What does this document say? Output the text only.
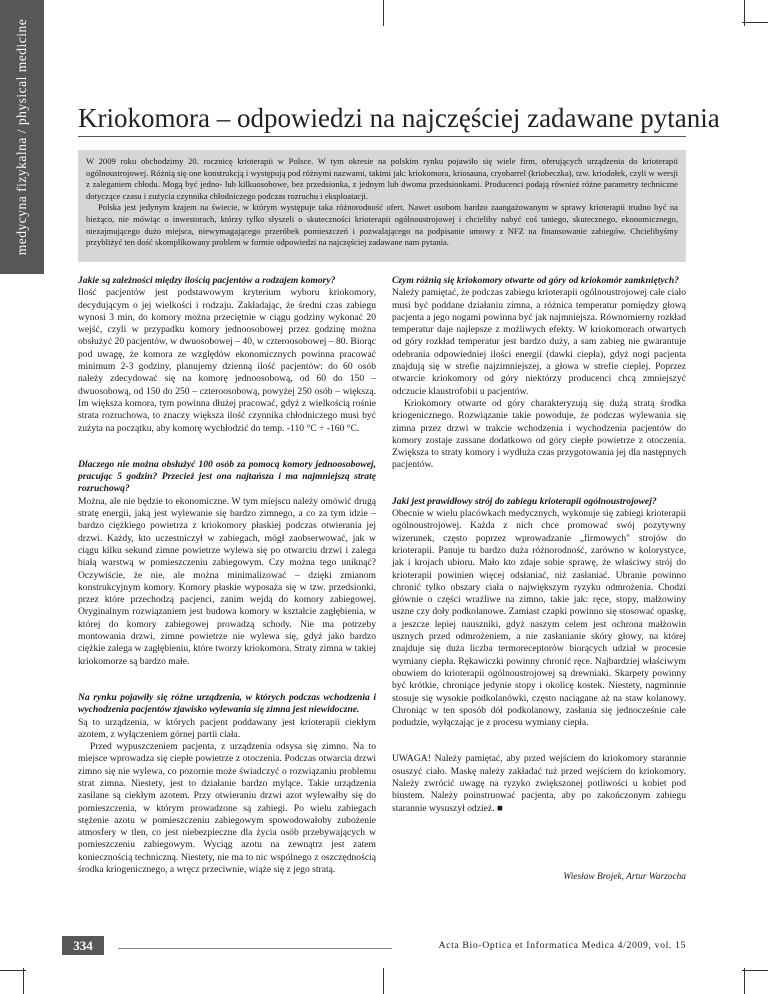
medycyna fizykalna / physical medicine Kriokomora – odpowiedzi na najczęściej zadawane pytania

W 2009 roku obchodzimy 20. rocznicę krioterapii w Polsce. W tym okresie na polskim rynku pojawiło się wiele firm, oferujących urządzenia do krioterapii ogólnoustrojowej. Różnią się one konstrukcją i występują pod różnymi nazwami, takimi jak: kriokomora, kriosauna, cryobarrel (kriobeczka), tzw. kriodołek, czyli w wersji z zaleganiem chłodu. Mogą być jedno- lub kilkuosobowe, bez przedsionka, z jednym lub dwoma przedsionkami. Producenci podają również różne parametry techniczne dotyczące czasu i zużycia czynnika chłodniczego podczas rozruchu i eksploatacji.

Polska jest jedynym krajem na świecie, w którym występuje taka różnorodność ofert. Nawet osobom bardzo zaangażowanym w sprawy krioterapii trudno być na bieżąco, nie mówiąc o inwestorach, którzy tylko słyszeli o skuteczności krioterapii ogólnoustrojowej i chcieliby nabyć coś taniego, skutecznego, ekonomicznego, niezajmującego dużo miejsca, niewymagającego przeróbek pomieszczeń i pozwalającego na podpisanie umowy z NFZ na finansowanie zabiegów. Chcielibyśmy przybliżyć ten dość skomplikowany problem w formie odpowiedzi na najczęściej zadawane nam pytania.

Jakie są zależności między ilością pacjentów a rodzajem komory?

Ilość pacjentów jest podstawowym kryterium wyboru kriokomory, decydującym o jej wielkości i rodzaju. Zakładając, że średni czas zabiegu wynosi 3 min, do komory można przeciętnie w ciągu godziny wykonać 20 wejść, czyli w przypadku komory jednoosobowej przez godzinę można obsłużyć 20 pacjentów, w dwuosobowej – 40, w czteroosobowej – 80. Biorąc pod uwagę, że komora ze względów ekonomicznych powinna pracować minimum 2-3 godziny, planujemy dzienną ilość pacjentów: do 60 osób należy zdecydować się na komorę jednoosobową, od 60 do 150 – dwuosobową, od 150 do 250 – czteroosobową, powyżej 250 osób – większą. Im większa komora, tym powinna dłużej pracować, gdyż z wielkością rośnie strata rozruchowa, to znaczy większa ilość czynnika chłodniczego musi być zużyta na początku, aby komorę wychłodzić do temp. -110 °C ÷ -160 °C.

Dlaczego nie można obsłużyć 100 osób za pomocą komory jednoosobowej, pracując 5 godzin? Przecież jest ona najtańsza i ma najmniejszą stratę rozruchową?

Można, ale nie będzie to ekonomiczne. W tym miejscu należy omówić drugą stratę energii, jaką jest wylewanie się bardzo zimnego, a co za tym idzie – bardzo ciężkiego powietrza z kriokomory płaskiej podczas otwierania jej drzwi. Każdy, kto uczestniczył w zabiegach, mógł zaobserwować, jak w ciągu kilku sekund zimne powietrze wylewa się po otwarciu drzwi i zalega białą warstwą w pomieszczeniu zabiegowym. Czy można tego uniknąć? Oczywiście, że nie, ale można minimalizować – dzięki zmianom konstrukcyjnym komory. Komory płaskie wyposaża się w tzw. przedsionki, przez które przechodzą pacjenci, zanim wejdą do komory zabiegowej. Oryginalnym rozwiązaniem jest budowa komory w kształcie zagłębienia, w której do komory zabiegowej prowadzą schody. Nie ma potrzeby montowania drzwi, zimne powietrze nie wylewa się, gdyż jako bardzo ciężkie zalega w zagłębieniu, które tworzy kriokomora. Straty zimna w takiej kriokomorze są bardzo małe.

Na rynku pojawiły się różne urządzenia, w których podczas wchodzenia i wychodzenia pacjentów zjawisko wylewania się zimna jest niewidoczne.

Są to urządzenia, w których pacjent poddawany jest krioterapii ciekłym azotem, z wyłączeniem górnej partii ciała.

Przed wypuszczeniem pacjenta, z urządzenia odsysa się zimno. Na to miejsce wprowadza się ciepłe powietrze z otoczenia. Podczas otwarcia drzwi zimno się nie wylewa, co pozornie może świadczyć o rozwiązaniu problemu strat zimna. Niestety, jest to działanie bardzo mylące. Takie urządzenia zasilane są ciekłym azotem. Przy otwieraniu drzwi azot wylewałby się do pomieszczenia, w którym prowadzone są zabiegi. Po wielu zabiegach stężenie azotu w pomieszczeniu zabiegowym spowodowałoby zubożenie atmosfery w tlen, co jest niebezpieczne dla życia osób przebywających w pomieszczeniu zabiegowym. Wyciąg azotu na zewnątrz jest zatem koniecznością techniczną. Niestety, nie ma to nic wspólnego z oszczędnością środka kriogenicznego, a wręcz przeciwnie, wiąże się z jego stratą.

Czym różnią się kriokomory otwarte od góry od kriokomór zamkniętych?

Należy pamiętać, że podczas zabiegu krioterapii ogólnoustrojowej całe ciało musi być poddane działaniu zimna, a różnica temperatur pomiędzy głową pacjenta a jego nogami powinna być jak najmniejsza. Równomierny rozkład temperatur daje najlepsze z możliwych efekty. W kriokomorach otwartych od góry rozkład temperatur jest bardzo duży, a sam zabieg nie gwarantuje odebrania odpowiedniej ilości energii (dawki ciepła), gdyż nogi pacjenta znajdują się w strefie najzimniejszej, a głowa w strefie cieplej. Poprzez otwarcie kriokomory od góry niektórzy producenci chcą zmniejszyć odczucie klaustrofobii u pacjentów.

Kriokomory otwarte od góry charakteryzują się dużą stratą środka kriogenicznego. Rozwiązanie takie powoduje, że podczas wylewania się zimna przez drzwi w trakcie wchodzenia i wychodzenia pacjentów do komory zostaje zassane dodatkowo od góry ciepłe powietrze z otoczenia. Zwiększa to straty komory i wydłuża czas przygotowania jej dla następnych pacjentów.

Jaki jest prawidłowy strój do zabiegu krioterapii ogólnoustrojowej?

Obecnie w wielu placówkach medycznych, wykonuje się zabiegi krioterapii ogólnoustrojowej. Każda z nich chce promować swój pozytywny wizerunek, często poprzez wprowadzanie „firmowych" strojów do krioterapii. Panuje tu bardzo duża różnorodność, zarówno w kolorystyce, jak i krojach ubioru. Mało kto zdaje sobie sprawę, że właściwy strój do krioterapii powinien więcej odsłaniać, niż zasłaniać. Ubranie powinno chronić tylko obszary ciała o największym ryzyku odmrożenia. Chodzi głównie o części wrażliwe na zimno, takie jak: ręce, stopy, małżowiny uszne czy doły podkolanowe. Zamiast czapki powinno się stosować opaskę, a jeszcze lepiej nauszniki, gdyż naszym celem jest ochrona małżowin usznych przed odmrożeniem, a nie zasłanianie skóry głowy, na której znajduje się duża liczba termoreceptorów biorących udział w procesie wymiany ciepła. Rękawiczki powinny chronić ręce. Najbardziej właściwym obuwiem do krioterapii ogólnoustrojowej są drewniaki. Skarpety powinny być krótkie, chroniące jedynie stopy i okolicę kostek. Niestety, nagminnie stosuje się wysokie podkolanówki, często naciągane aż na staw kolanowy. Chroniąc w ten sposób dół podkolanowy, zasłania się jednocześnie całe podudzie, wyłączając je z procesu wymiany ciepła.

UWAGA! Należy pamiętać, aby przed wejściem do kriokomory starannie osuszyć ciało. Maskę należy zakładać tuż przed wejściem do kriokomory. Należy zwrócić uwagę na ryzyko zwiększonej potliwości u kobiet pod biustem. Należy poinstruować pacjenta, aby po zakończonym zabiegu starannie wysuszył odzież. ■

Wiesław Brojek, Artur Warzocha
334	Acta Bio-Optica et Informatica Medica 4/2009, vol. 15
